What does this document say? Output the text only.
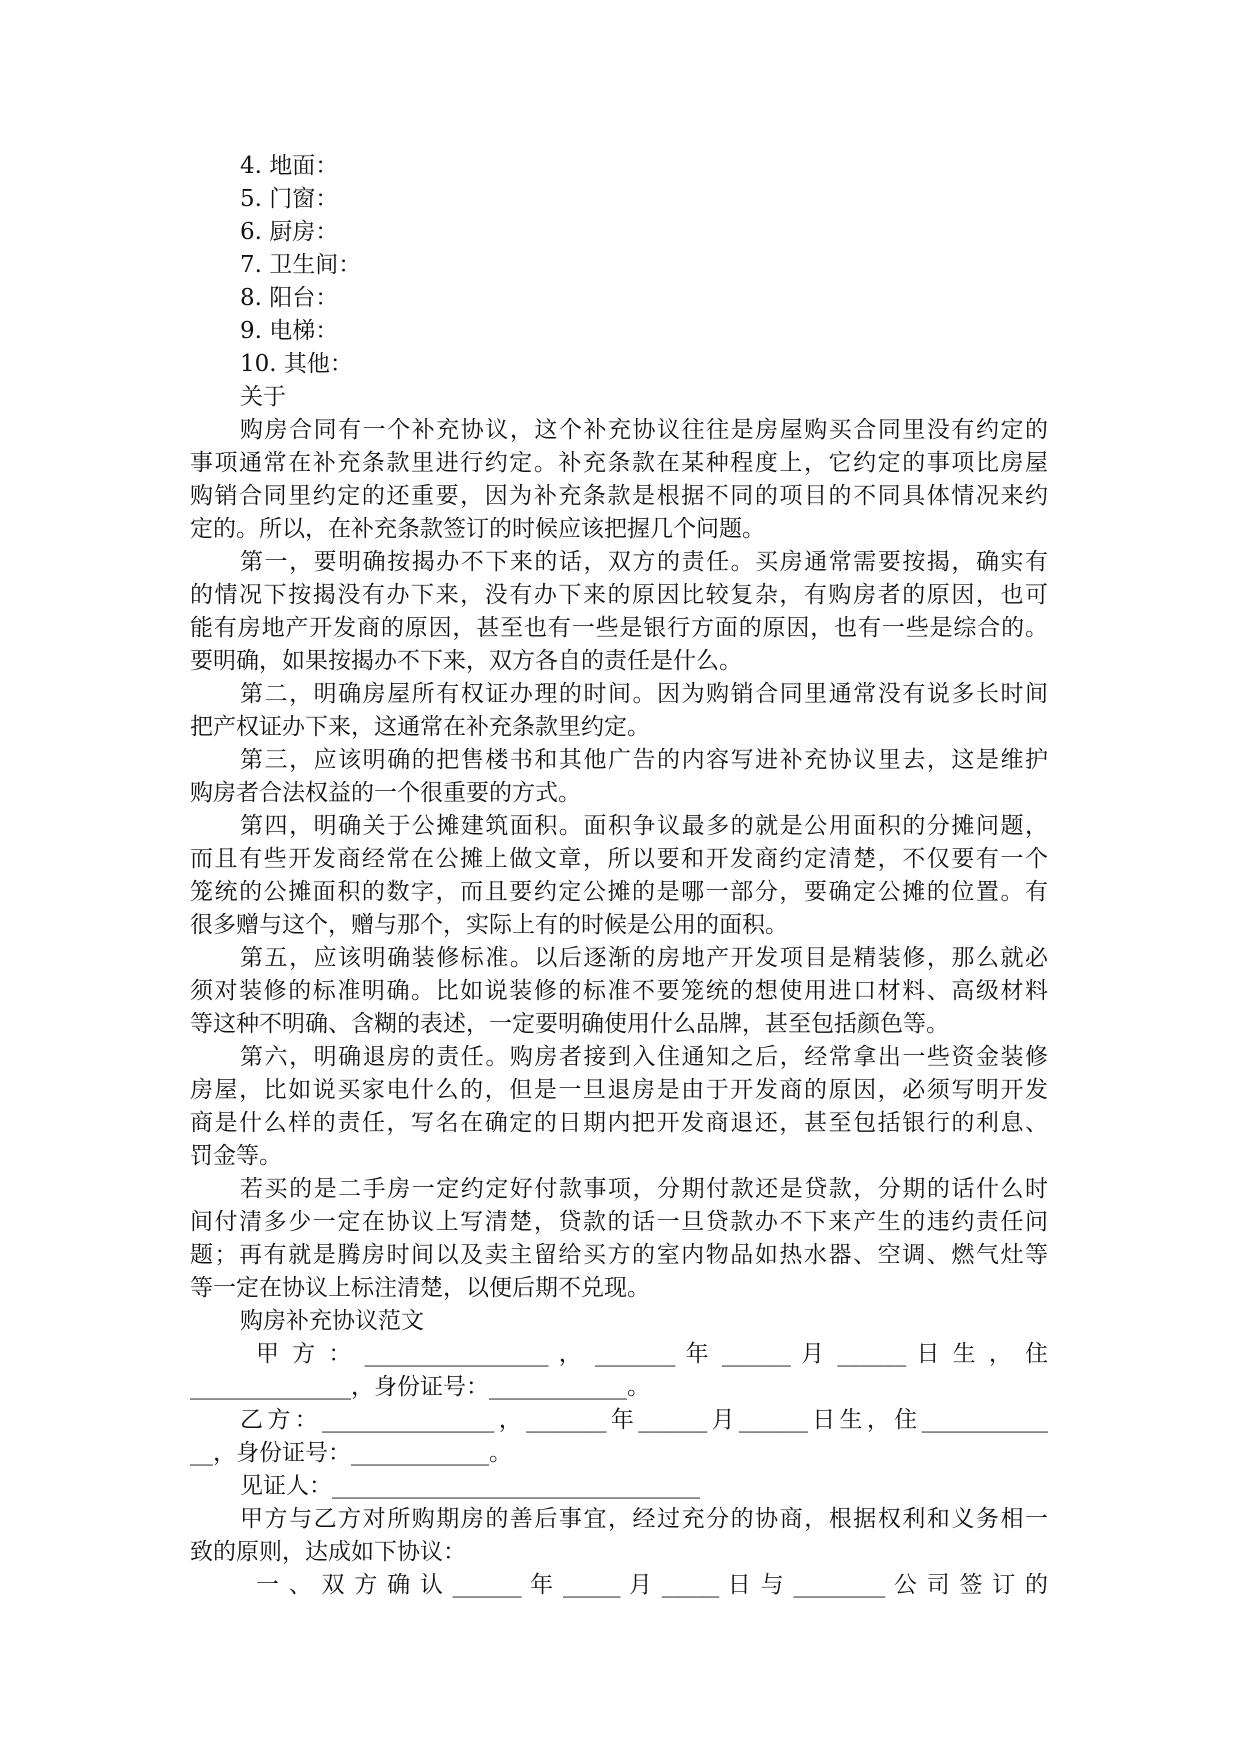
4. 地面：
5. 门窗：
6. 厨房：
7. 卫生间：
8. 阳台：
9. 电梯：
10. 其他：
关于
购房合同有一个补充协议，这个补充协议往往是房屋购买合同里没有约定的
事项通常在补充条款里进行约定。补充条款在某种程度上，它约定的事项比房屋
购销合同里约定的还重要，因为补充条款是根据不同的项目的不同具体情况来约
定的。所以，在补充条款签订的时候应该把握几个问题。
第一，要明确按揭办不下来的话，双方的责任。买房通常需要按揭，确实有
的情况下按揭没有办下来，没有办下来的原因比较复杂，有购房者的原因，也可
能有房地产开发商的原因，甚至也有一些是银行方面的原因，也有一些是综合的。
要明确，如果按揭办不下来，双方各自的责任是什么。
第二，明确房屋所有权证办理的时间。因为购销合同里通常没有说多长时间
把产权证办下来，这通常在补充条款里约定。
第三，应该明确的把售楼书和其他广告的内容写进补充协议里去，这是维护
购房者合法权益的一个很重要的方式。
第四，明确关于公摊建筑面积。面积争议最多的就是公用面积的分摊问题，
而且有些开发商经常在公摊上做文章，所以要和开发商约定清楚，不仅要有一个
笼统的公摊面积的数字，而且要约定公摊的是哪一部分，要确定公摊的位置。有
很多赠与这个，赠与那个，实际上有的时候是公用的面积。
第五，应该明确装修标准。以后逐渐的房地产开发项目是精装修，那么就必
须对装修的标准明确。比如说装修的标准不要笼统的想使用进口材料、高级材料
等这种不明确、含糊的表述，一定要明确使用什么品牌，甚至包括颜色等。
第六，明确退房的责任。购房者接到入住通知之后，经常拿出一些资金装修
房屋，比如说买家电什么的，但是一旦退房是由于开发商的原因，必须写明开发
商是什么样的责任，写名在确定的日期内把开发商退还，甚至包括银行的利息、
罚金等。
若买的是二手房一定约定好付款事项，分期付款还是贷款，分期的话什么时
间付清多少一定在协议上写清楚，贷款的话一旦贷款办不下来产生的违约责任问
题；再有就是腾房时间以及卖主留给买方的室内物品如热水器、空调、燃气灶等
等一定在协议上标注清楚，以便后期不兑现。
购房补充协议范文
甲 方 ： ________________ ， _______ 年 ______ 月 ______ 日 生 ， 住
______________，身份证号：____________。
乙方：_______________，_______年______月______日生，住___________
__，身份证号：____________。
见证人：________________________________
甲方与乙方对所购期房的善后事宜，经过充分的协商，根据权利和义务相一
致的原则，达成如下协议：
一 、 双 方 确 认 ______ 年 _____ 月 _____ 日 与 ________ 公 司 签 订 的
